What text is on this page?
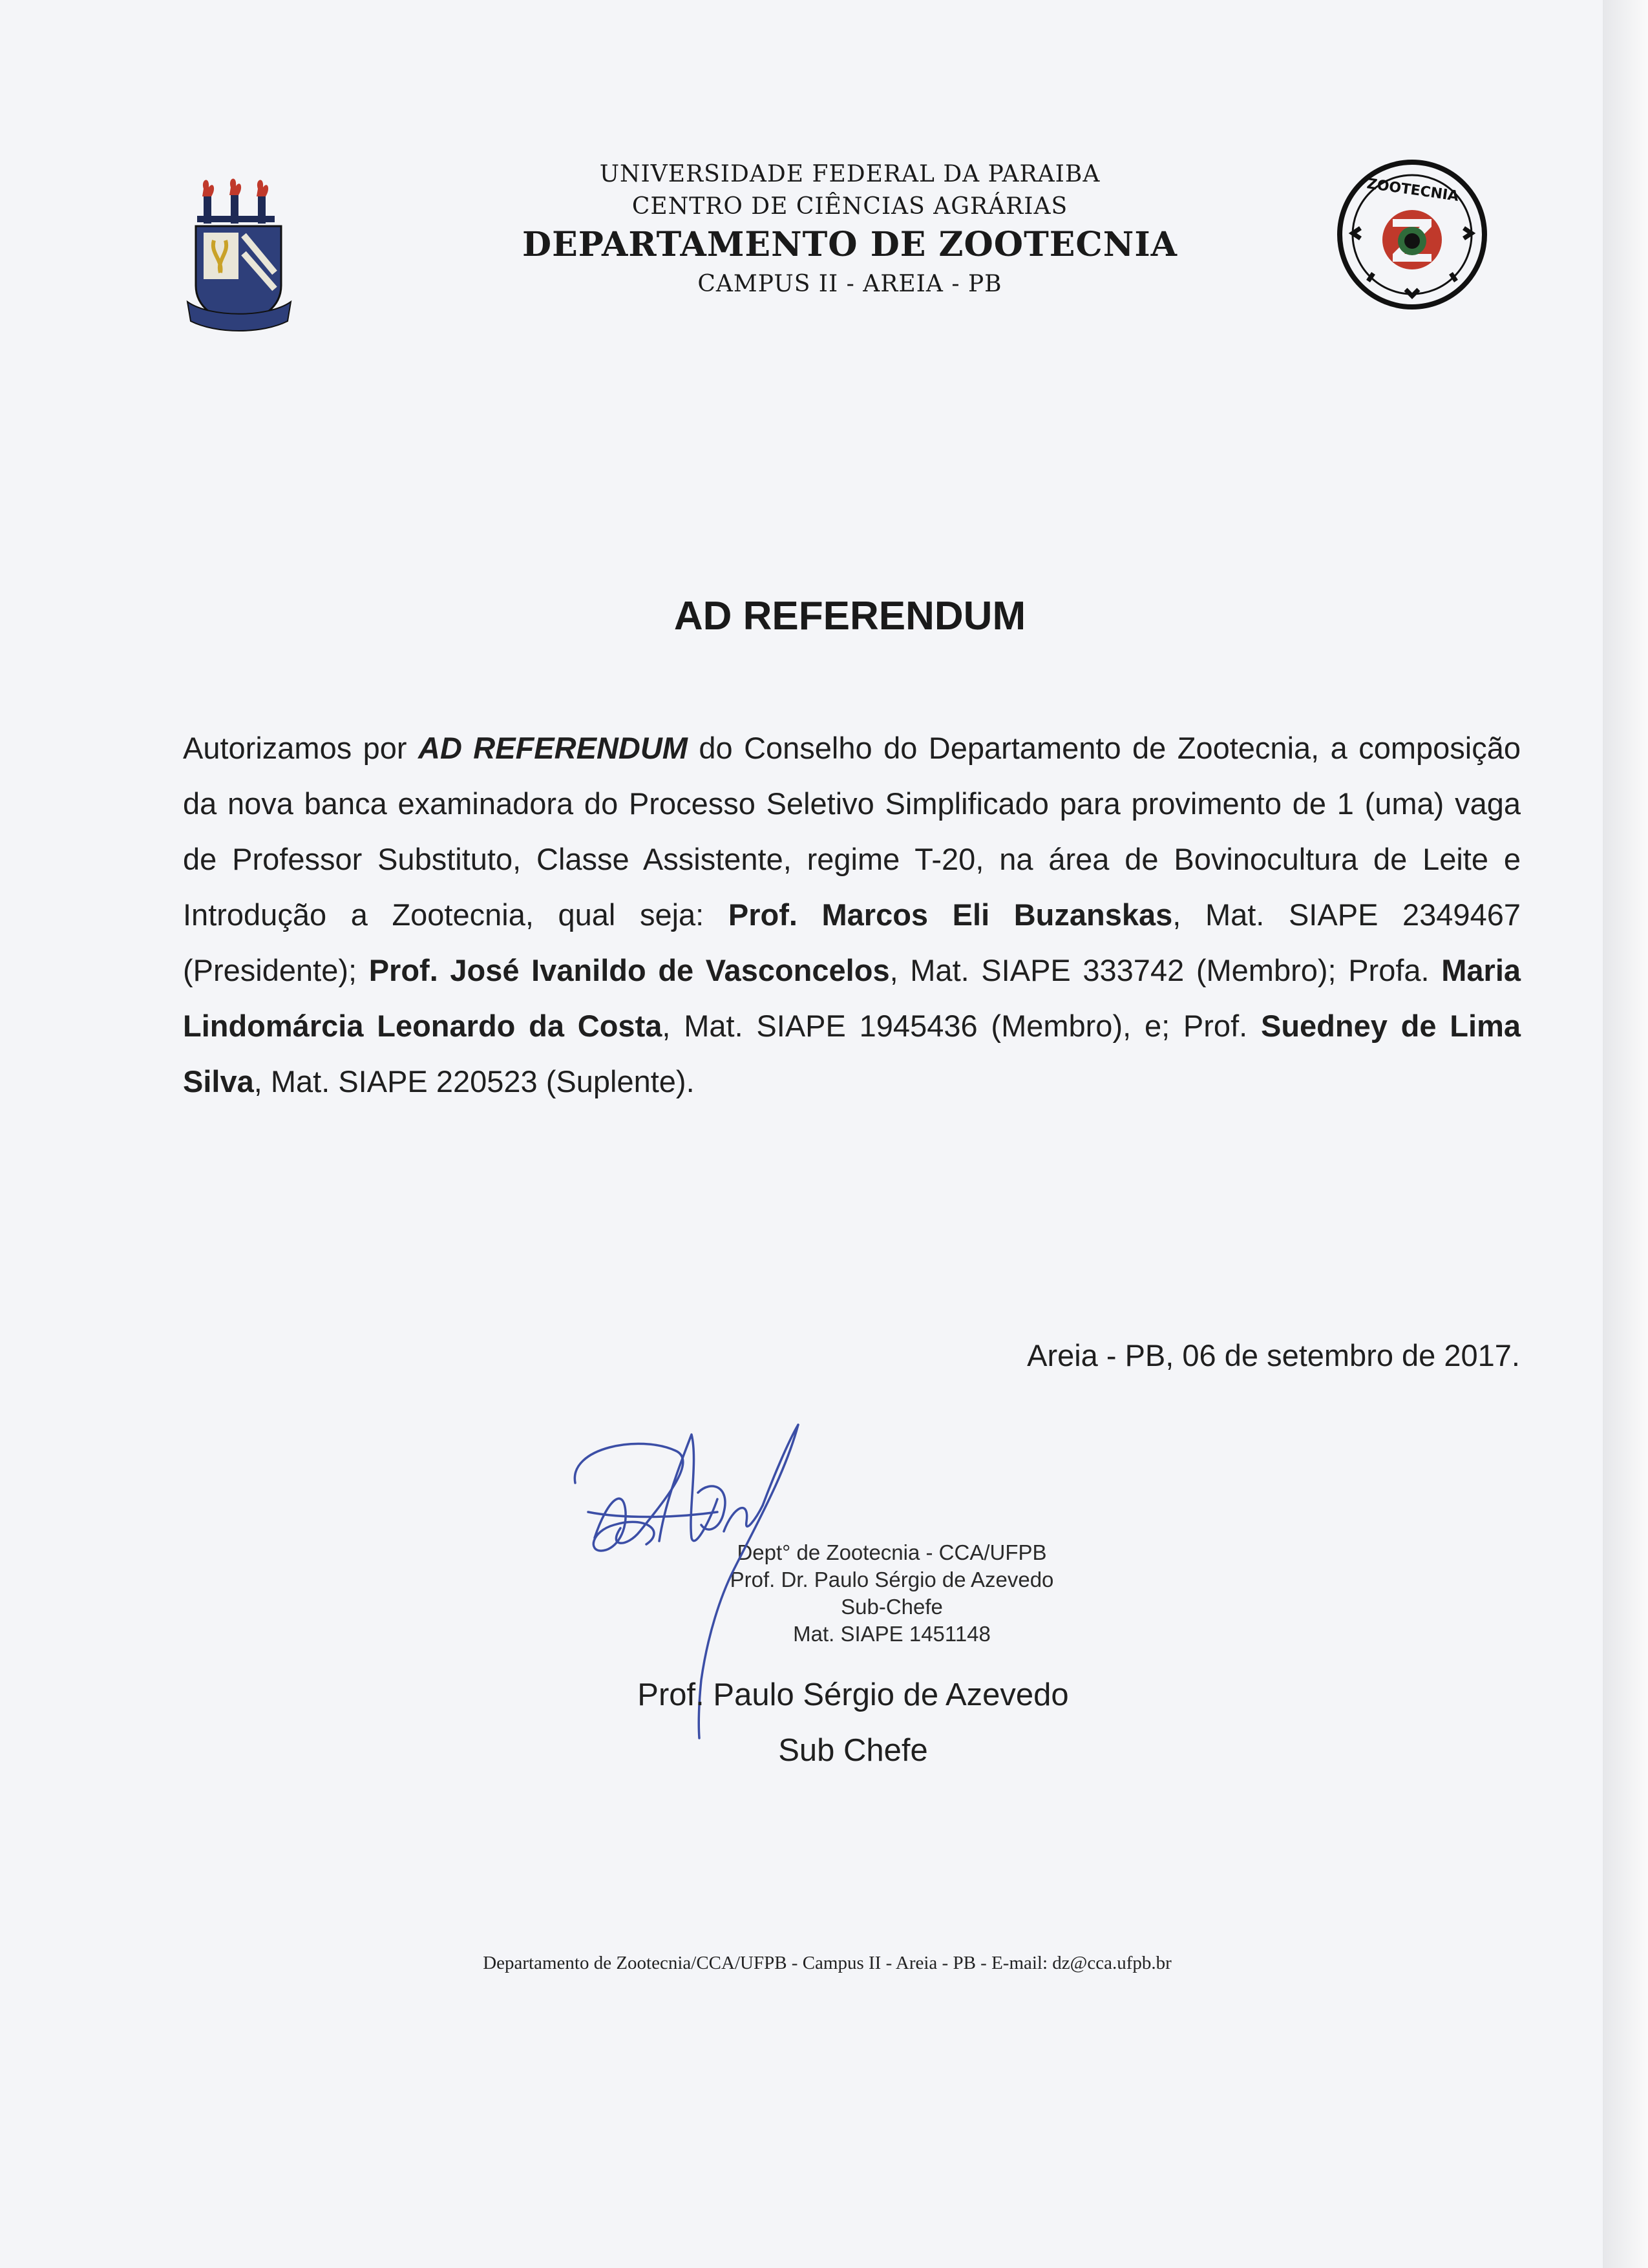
ZOOTECNIA

UNIVERSIDADE FEDERAL DA PARAIBA

CENTRO DE CIÊNCIAS AGRÁRIAS

DEPARTAMENTO DE ZOOTECNIA

CAMPUS II - AREIA - PB

AD REFERENDUM

Autorizamos por AD REFERENDUM do Conselho do Departamento de Zootecnia, a composição da nova banca examinadora do Processo Seletivo Simplificado para provimento de 1 (uma) vaga de Professor Substituto, Classe Assistente, regime T-20, na área de Bovinocultura de Leite e Introdução a Zootecnia, qual seja: Prof. Marcos Eli Buzanskas, Mat. SIAPE 2349467 (Presidente); Prof. José Ivanildo de Vasconcelos, Mat. SIAPE 333742 (Membro); Profa. Maria Lindomárcia Leonardo da Costa, Mat. SIAPE 1945436 (Membro), e; Prof. Suedney de Lima Silva, Mat. SIAPE 220523 (Suplente).

Areia - PB, 06 de setembro de 2017.

Dept° de Zootecnia - CCA/UFPB
Prof. Dr. Paulo Sérgio de Azevedo
Sub-Chefe
Mat. SIAPE 1451148
Prof. Paulo Sérgio de Azevedo
Sub Chefe

Departamento de Zootecnia/CCA/UFPB - Campus II - Areia - PB - E-mail: dz@cca.ufpb.br
